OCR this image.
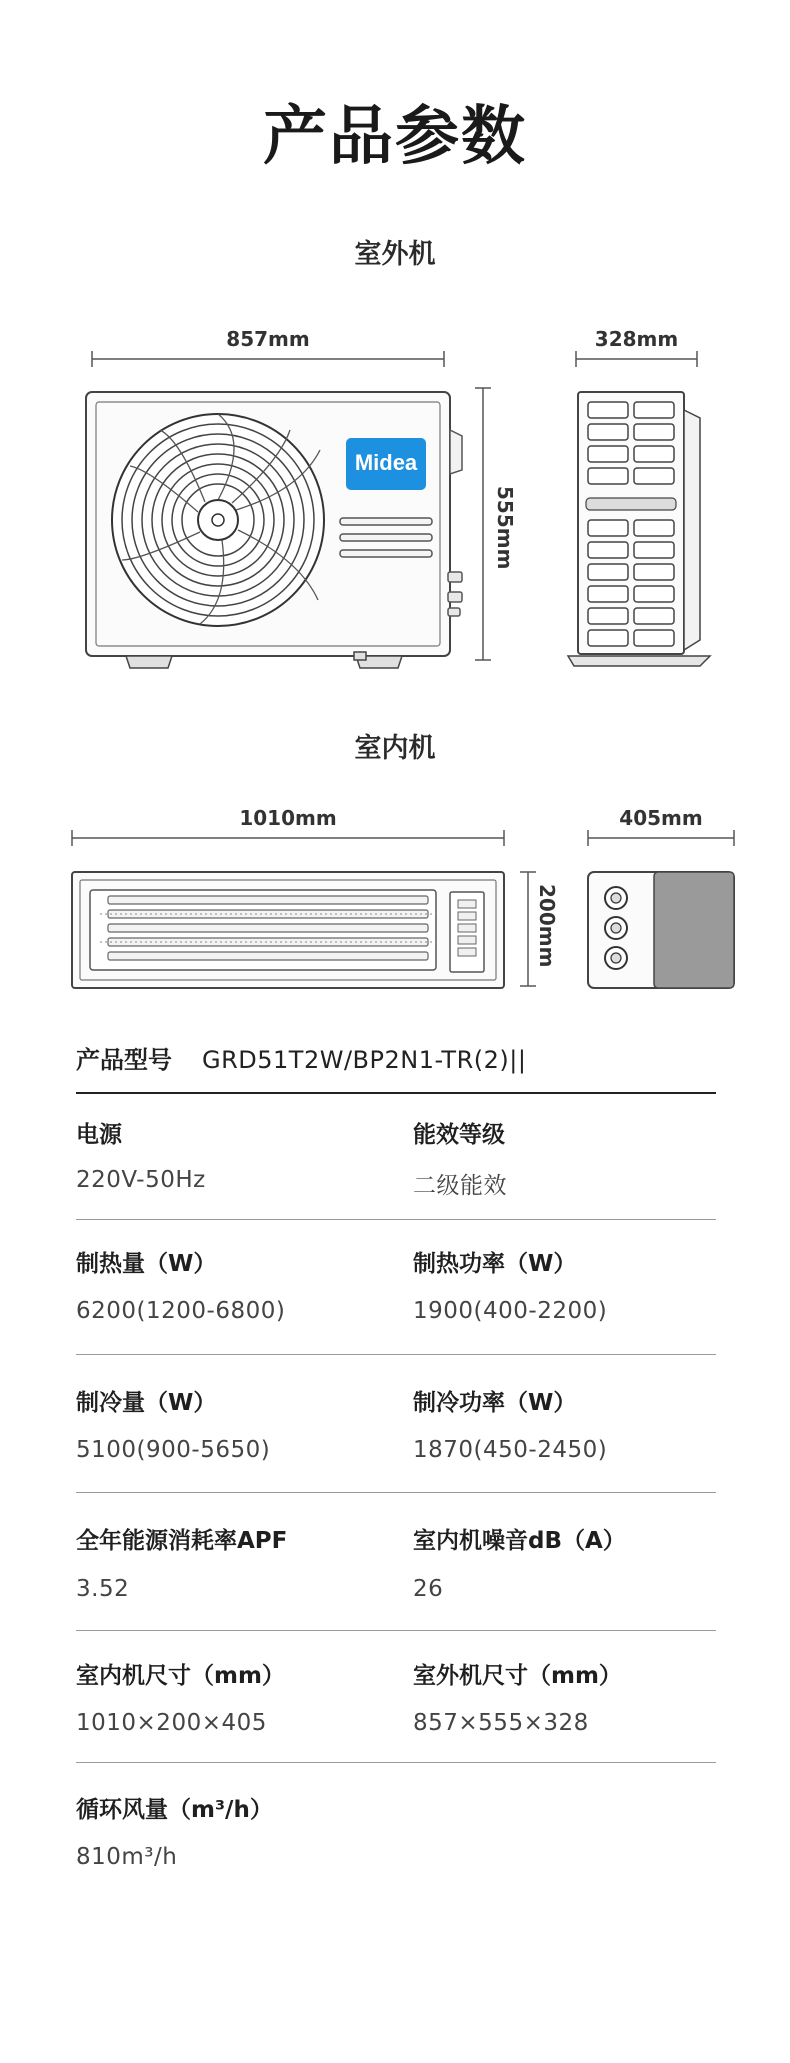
产品参数
室外机
857mm
Midea
328mm
555mm
室内机
1010mm	405mm
200mm
产品型号 GRD51T2W/BP2N1-TR(2)||
电源
220V-50Hz
能效等级
二级能效
制热量（W）
6200(1200-6800)
制热功率（W）
1900(400-2200)
制冷量（W）
5100(900-5650)
制冷功率（W）
1870(450-2450)
全年能源消耗率APF
3.52
室内机噪音dB（A）
26
室内机尺寸（mm）
1010×200×405
室外机尺寸（mm）
857×555×328
循环风量（m³/h）
810m³/h
